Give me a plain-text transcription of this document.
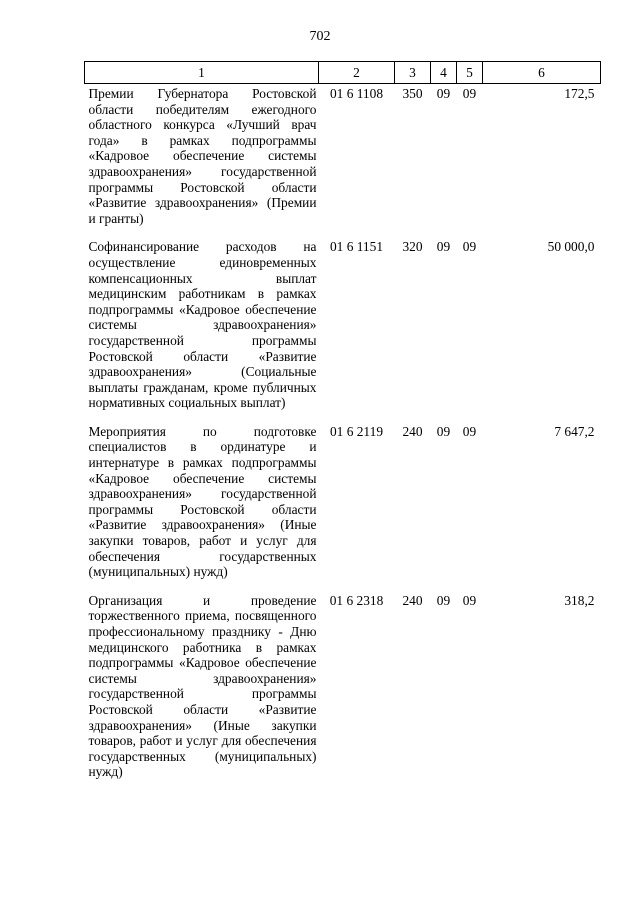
702
1	2	3	4	5	6
Премии Губернатора Ростовской области победителям ежегодного областного конкурса «Лучший врач года» в рамках подпрограммы «Кадровое обеспечение системы здравоохранения» государственной программы Ростовской области «Развитие здравоохранения» (Премии и гранты)	01 6 1108	350	09	09	172,5
Софинансирование расходов на осуществление единовременных компенсационных выплат медицинским работникам в рамках подпрограммы «Кадровое обеспечение системы здравоохранения» государственной программы Ростовской области «Развитие здравоохранения» (Социальные выплаты гражданам, кроме публичных нормативных социальных выплат)	01 6 1151	320	09	09	50 000,0
Мероприятия по подготовке специалистов в ординатуре и интернатуре в рамках подпрограммы «Кадровое обеспечение системы здравоохранения» государственной программы Ростовской области «Развитие здравоохранения» (Иные закупки товаров, работ и услуг для обеспечения государственных (муниципальных) нужд)	01 6 2119	240	09	09	7 647,2
Организация и проведение торжественного приема, посвященного профессиональному празднику - Дню медицинского работника в рамках подпрограммы «Кадровое обеспечение системы здравоохранения» государственной программы Ростовской области «Развитие здравоохранения» (Иные закупки товаров, работ и услуг для обеспечения государственных (муниципальных) нужд)	01 6 2318	240	09	09	318,2
